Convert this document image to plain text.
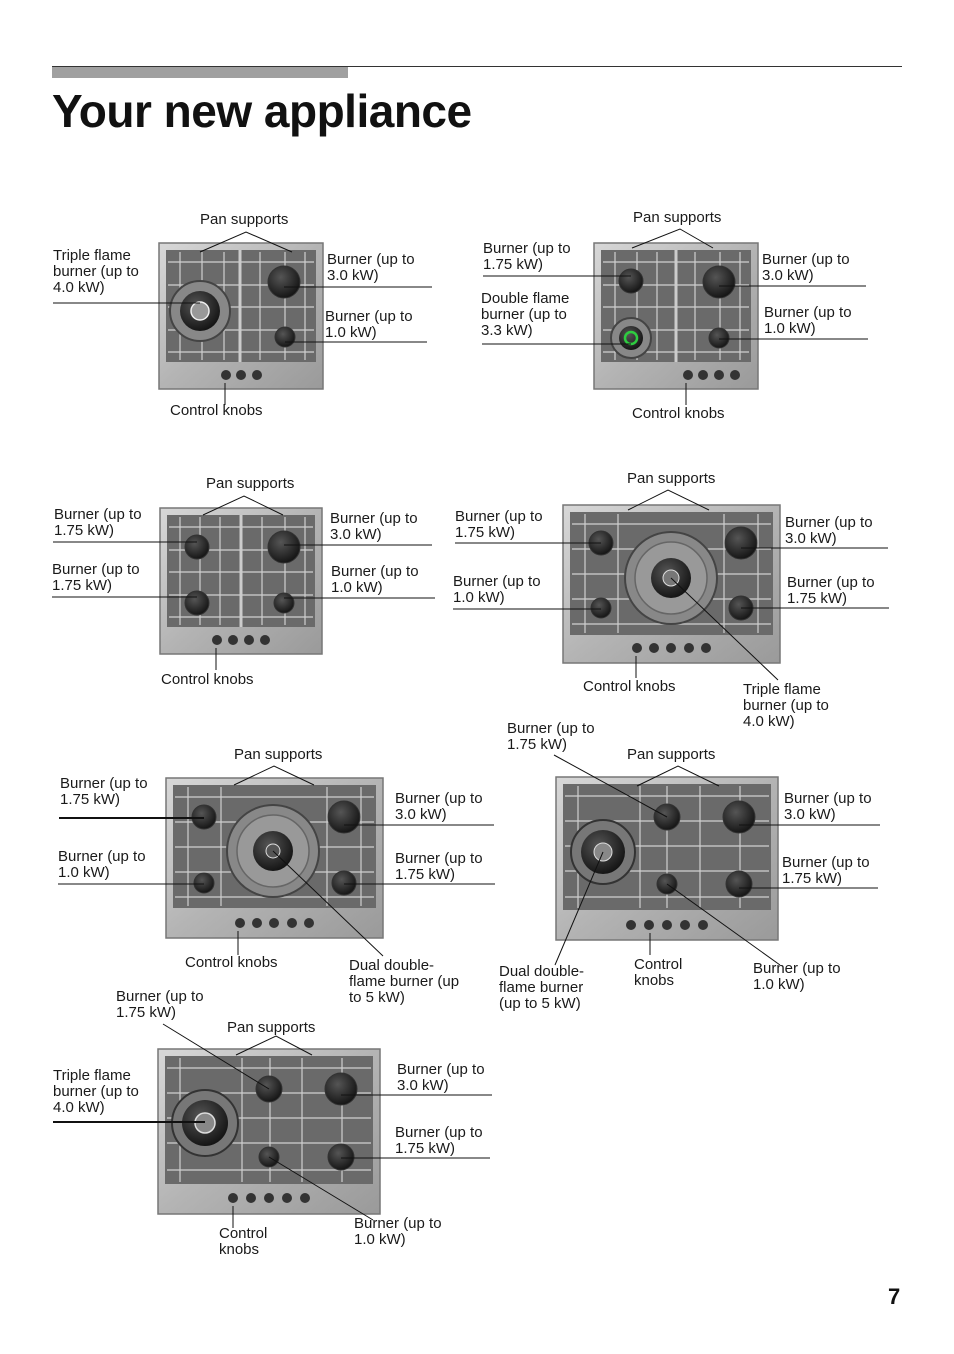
Your new appliance
Pan supports
Triple flame
burner (up to
4.0 kW)
Burner (up to
3.0 kW)
Burner (up to
1.0 kW)
Control knobs
Pan supports
Burner (up to
1.75 kW)
Double flame
burner (up to
3.3 kW)
Burner (up to
3.0 kW)
Burner (up to
1.0 kW)
Control knobs
Pan supports
Burner (up to
1.75 kW)
Burner (up to
1.75 kW)
Burner (up to
3.0 kW)
Burner (up to
1.0 kW)
Control knobs
Pan supports
Burner (up to
1.75 kW)
Burner (up to
1.0 kW)
Burner (up to
3.0 kW)
Burner (up to
1.75 kW)
Control knobs	Triple flame
burner (up to
4.0 kW)
Pan supports
Burner (up to
1.75 kW)
Burner (up to
1.0 kW)
Burner (up to
3.0 kW)
Burner (up to
1.75 kW)
Control knobs	Dual double-
flame burner (up
to 5 kW)
Burner (up to
1.75 kW)
Pan supports
Burner (up to
3.0 kW)
Burner (up to
1.75 kW)
Dual double-
flame burner
(up to 5 kW)
Control
knobs
Burner (up to
1.0 kW)
Burner (up to
1.75 kW)
Pan supports
Triple flame
burner (up to
4.0 kW)
Burner (up to
3.0 kW)
Burner (up to
1.75 kW)
Control
knobs
Burner (up to
1.0 kW)
7
